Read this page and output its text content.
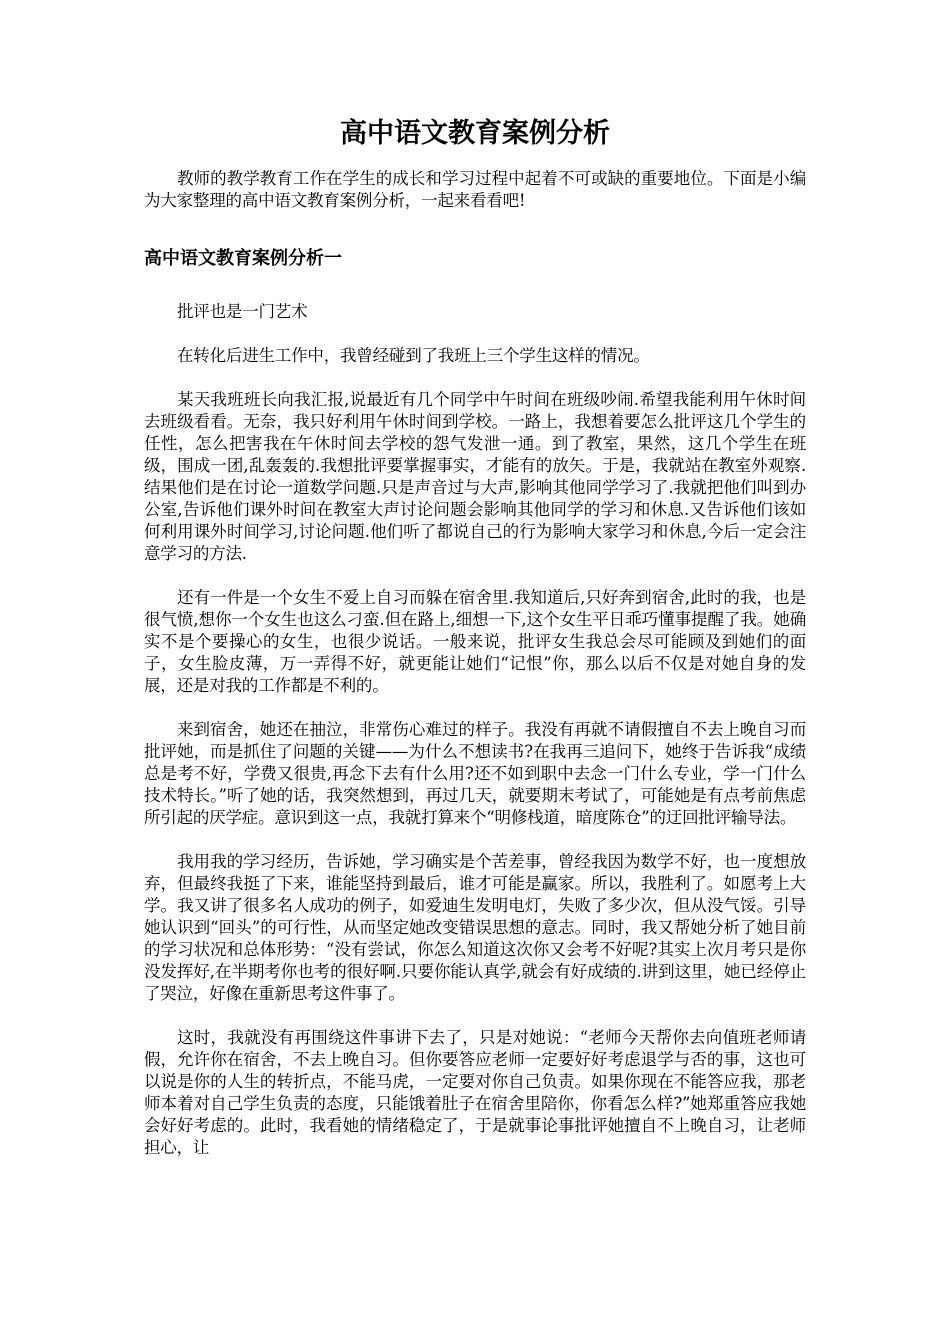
高中语文教育案例分析

教师的教学教育工作在学生的成长和学习过程中起着不可或缺的重要地位。下面是小编为大家整理的高中语文教育案例分析，一起来看看吧!

高中语文教育案例分析一

批评也是一门艺术

在转化后进生工作中，我曾经碰到了我班上三个学生这样的情况。

某天我班班长向我汇报,说最近有几个同学中午时间在班级吵闹.希望我能利用午休时间去班级看看。无奈，我只好利用午休时间到学校。一路上，我想着要怎么批评这几个学生的任性，怎么把害我在午休时间去学校的怨气发泄一通。到了教室，果然，这几个学生在班级，围成一团,乱轰轰的.我想批评要掌握事实，才能有的放矢。于是，我就站在教室外观察.结果他们是在讨论一道数学问题.只是声音过与大声,影响其他同学学习了.我就把他们叫到办公室,告诉他们课外时间在教室大声讨论问题会影响其他同学的学习和休息.又告诉他们该如何利用课外时间学习,讨论问题.他们听了都说自己的行为影响大家学习和休息,今后一定会注意学习的方法.

还有一件是一个女生不爱上自习而躲在宿舍里.我知道后,只好奔到宿舍,此时的我，也是很气愤,想你一个女生也这么刁蛮.但在路上,细想一下,这个女生平日乖巧懂事提醒了我。她确实不是个要操心的女生，也很少说话。一般来说，批评女生我总会尽可能顾及到她们的面子，女生脸皮薄，万一弄得不好，就更能让她们“记恨”你，那么以后不仅是对她自身的发展，还是对我的工作都是不利的。

来到宿舍，她还在抽泣，非常伤心难过的样子。我没有再就不请假擅自不去上晚自习而批评她，而是抓住了问题的关键——为什么不想读书?在我再三追问下，她终于告诉我“成绩总是考不好，学费又很贵,再念下去有什么用?还不如到职中去念一门什么专业，学一门什么技术特长。”听了她的话，我突然想到，再过几天，就要期末考试了，可能她是有点考前焦虑所引起的厌学症。意识到这一点，我就打算来个“明修栈道，暗度陈仓”的迂回批评输导法。

我用我的学习经历，告诉她，学习确实是个苦差事，曾经我因为数学不好，也一度想放弃，但最终我挺了下来，谁能坚持到最后，谁才可能是赢家。所以，我胜利了。如愿考上大学。我又讲了很多名人成功的例子，如爱迪生发明电灯，失败了多少次，但从没气馁。引导她认识到“回头”的可行性，从而坚定她改变错误思想的意志。同时，我又帮她分析了她目前的学习状况和总体形势：“没有尝试，你怎么知道这次你又会考不好呢?其实上次月考只是你没发挥好,在半期考你也考的很好啊.只要你能认真学,就会有好成绩的.讲到这里，她已经停止了哭泣，好像在重新思考这件事了。

这时，我就没有再围绕这件事讲下去了，只是对她说：“老师今天帮你去向值班老师请假，允许你在宿舍，不去上晚自习。但你要答应老师一定要好好考虑退学与否的事，这也可以说是你的人生的转折点，不能马虎，一定要对你自己负责。如果你现在不能答应我，那老师本着对自己学生负责的态度，只能饿着肚子在宿舍里陪你，你看怎么样?”她郑重答应我她会好好考虑的。此时，我看她的情绪稳定了，于是就事论事批评她擅自不上晚自习，让老师担心，让
